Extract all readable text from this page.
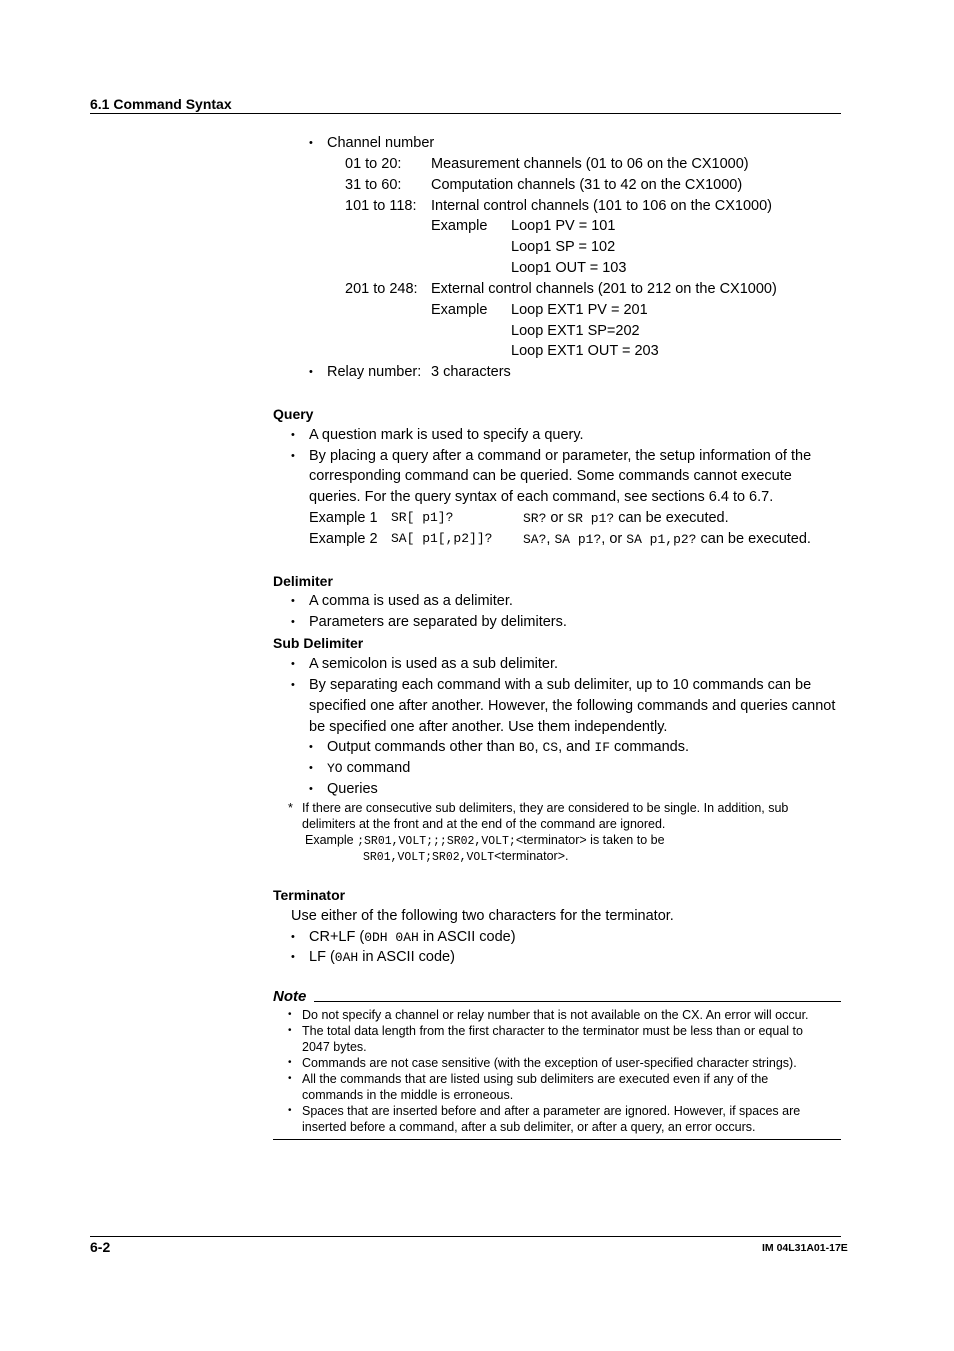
6.1 Command Syntax
• Channel number
01 to 20: Measurement channels (01 to 06 on the CX1000)
31 to 60: Computation channels (31 to 42 on the CX1000)
101 to 118: Internal control channels (101 to 106 on the CX1000)
Example Loop1 PV = 101
Loop1 SP = 102
Loop1 OUT = 103
201 to 248: External control channels (201 to 212 on the CX1000)
Example Loop EXT1 PV = 201
Loop EXT1 SP=202
Loop EXT1 OUT = 203
• Relay number: 3 characters
Query
• A question mark is used to specify a query.
• By placing a query after a command or parameter, the setup information of the
corresponding command can be queried. Some commands cannot execute
queries. For the query syntax of each command, see sections 6.4 to 6.7.
Example 1 SR[ p1]?	SR? or SR p1? can be executed.
Example 2 SA[ p1[,p2]]? SA?, SA p1?, or SA p1,p2? can be executed.
Delimiter
• A comma is used as a delimiter.
• Parameters are separated by delimiters.
Sub Delimiter
• A semicolon is used as a sub delimiter.
• By separating each command with a sub delimiter, up to 10 commands can be
specified one after another. However, the following commands and queries cannot
be specified one after another. Use them independently.
• Output commands other than BO, CS, and IF commands.
• YO command
• Queries
* If there are consecutive sub delimiters, they are considered to be single. In addition, sub
delimiters at the front and at the end of the command are ignored.
Example ;SR01,VOLT;;;SR02,VOLT;<terminator> is taken to be
SR01,VOLT;SR02,VOLT<terminator>.
Terminator
Use either of the following two characters for the terminator.
• CR+LF (0DH 0AH in ASCII code)
• LF (0AH in ASCII code)
Note
• Do not specify a channel or relay number that is not available on the CX. An error will occur.
• The total data length from the first character to the terminator must be less than or equal to
2047 bytes.
• Commands are not case sensitive (with the exception of user-specified character strings).
• All the commands that are listed using sub delimiters are executed even if any of the
commands in the middle is erroneous.
• Spaces that are inserted before and after a parameter are ignored. However, if spaces are
inserted before a command, after a sub delimiter, or after a query, an error occurs.
6-2	IM 04L31A01-17E
